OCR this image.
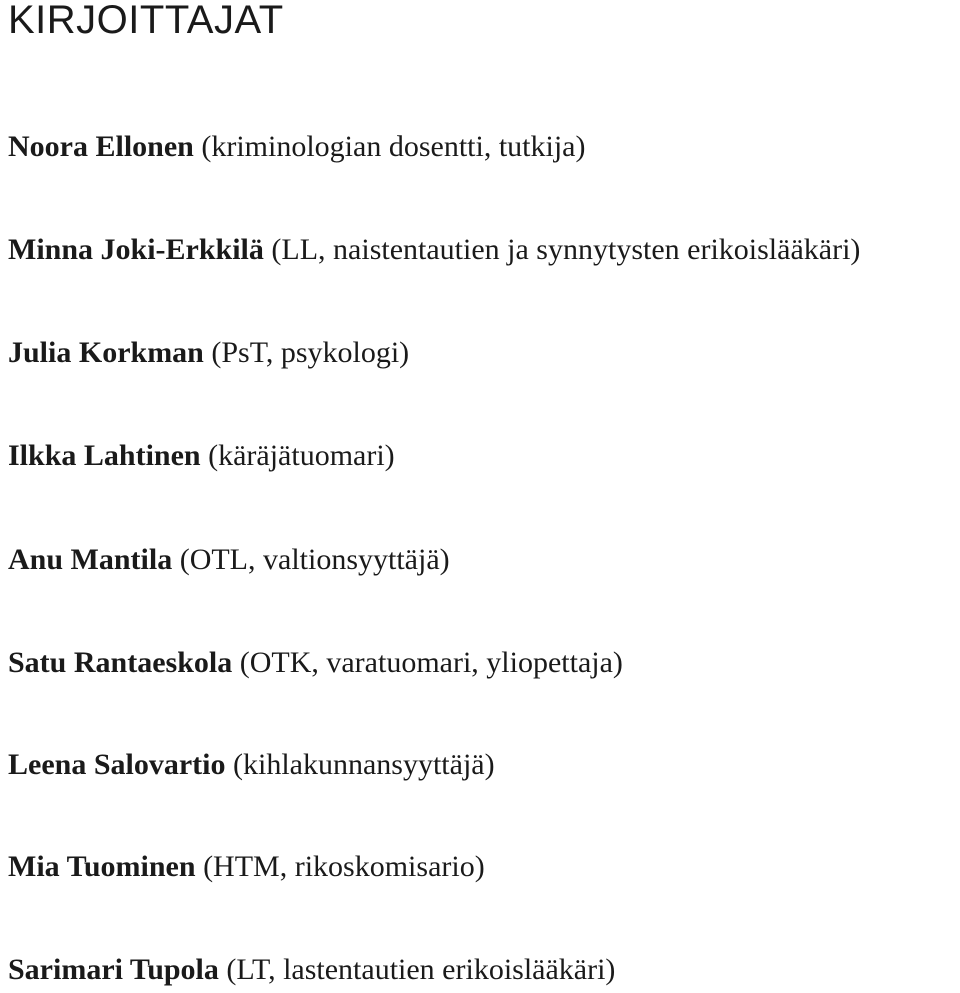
KIRJOITTAJAT

Noora Ellonen (kriminologian dosentti, tutkija)

Minna Joki-Erkkilä (LL, naistentautien ja synnytysten erikoislääkäri)

Julia Korkman (PsT, psykologi)

Ilkka Lahtinen (käräjätuomari)

Anu Mantila (OTL, valtionsyyttäjä)

Satu Rantaeskola (OTK, varatuomari, yliopettaja)

Leena Salovartio (kihlakunnansyyttäjä)

Mia Tuominen (HTM, rikoskomisario)

Sarimari Tupola (LT, lastentautien erikoislääkäri)
